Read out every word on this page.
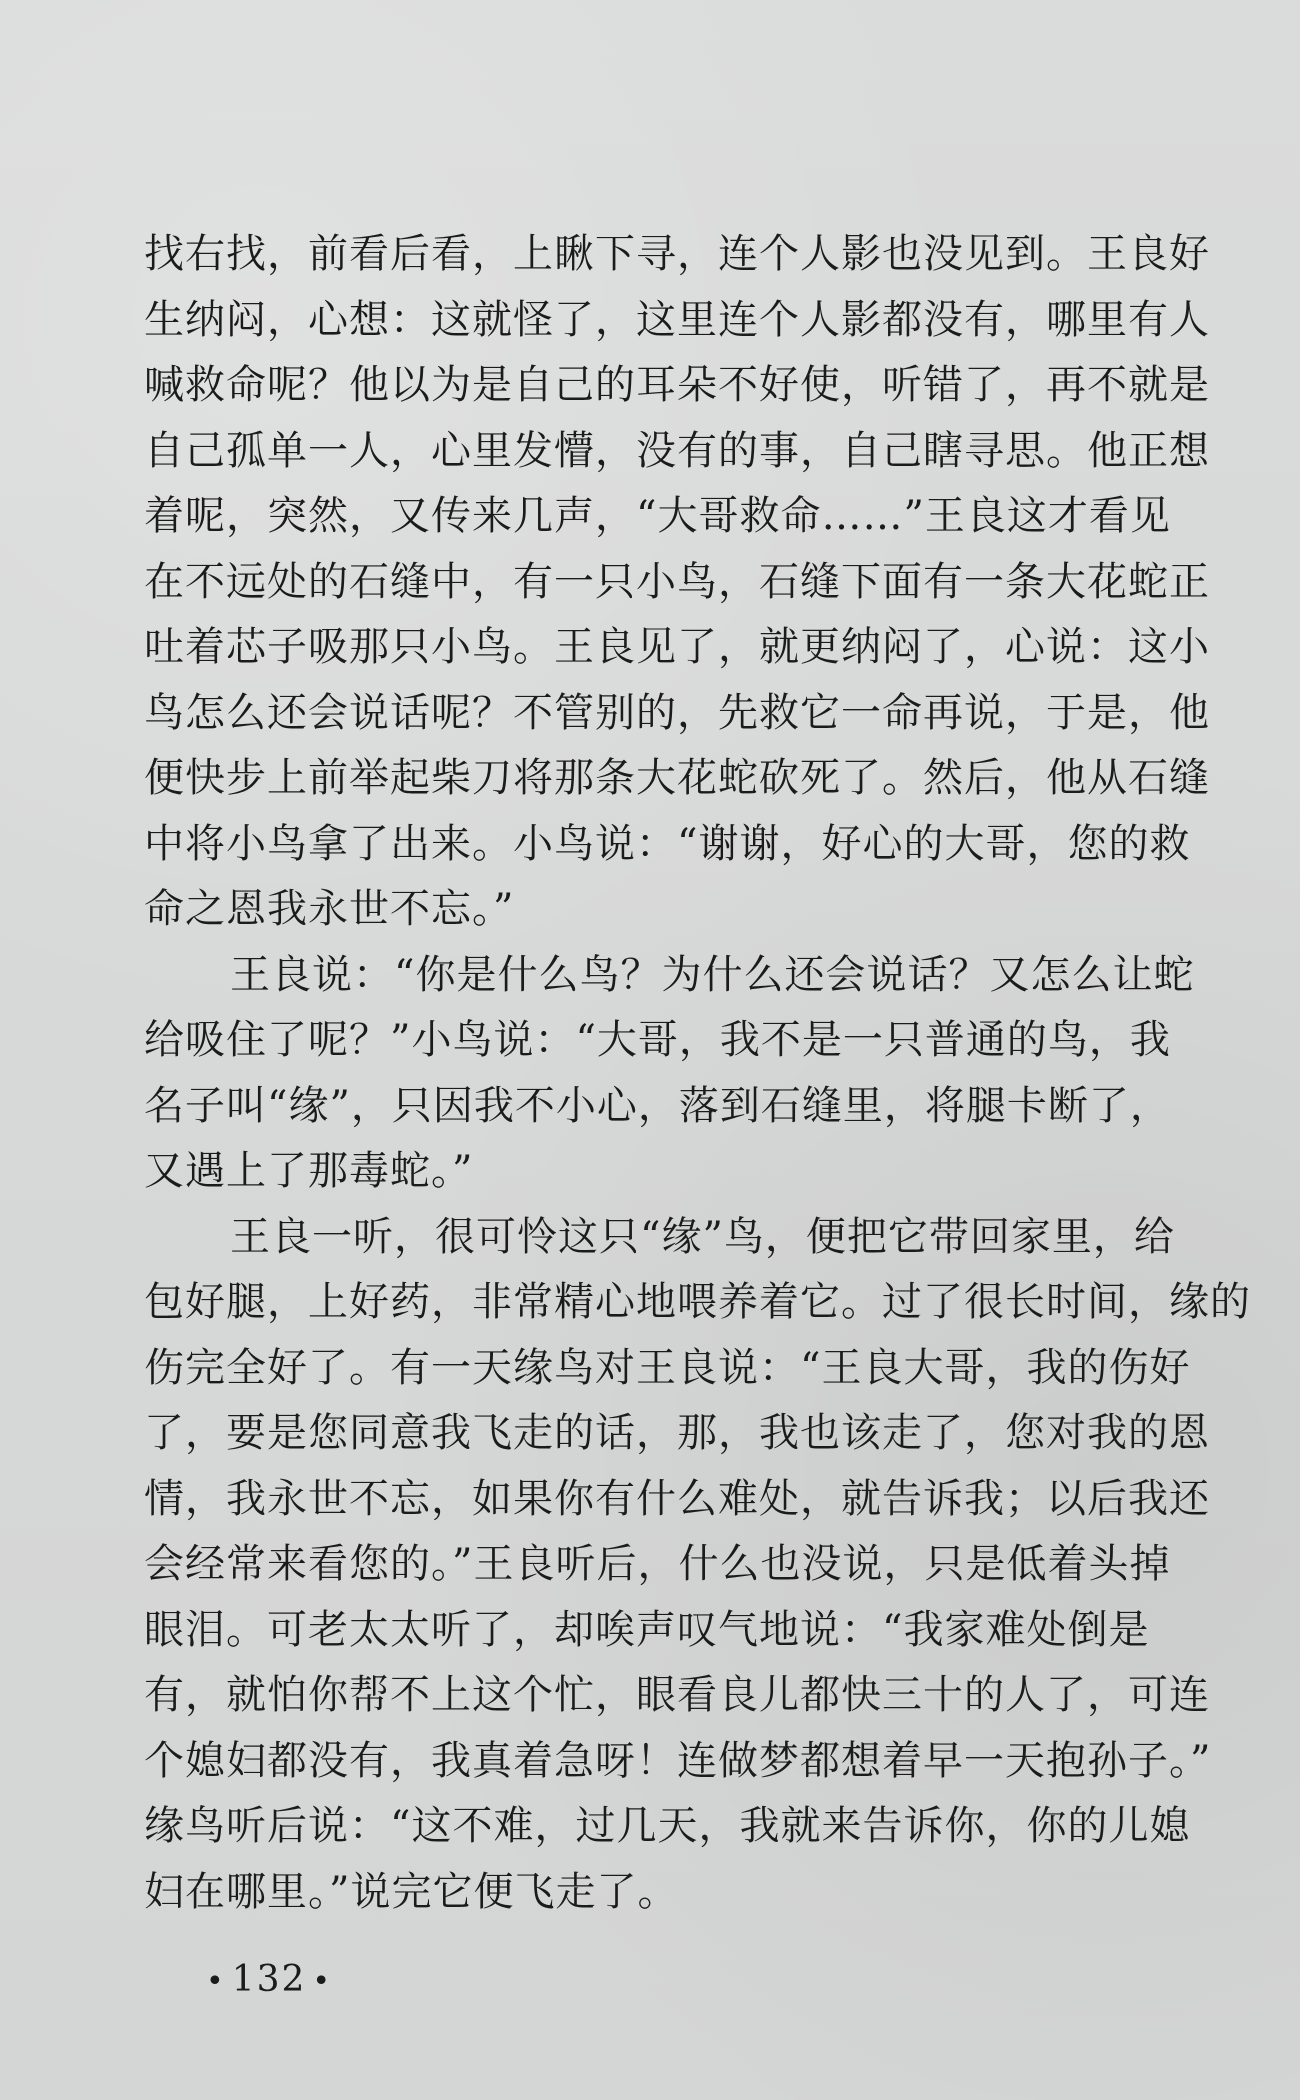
找右找，前看后看，上瞅下寻，连个人影也没见到。王良好
生纳闷，心想：这就怪了，这里连个人影都没有，哪里有人
喊救命呢？他以为是自己的耳朵不好使，听错了，再不就是
自己孤单一人，心里发懵，没有的事，自己瞎寻思。他正想
着呢，突然，又传来几声，“大哥救命……”王良这才看见
在不远处的石缝中，有一只小鸟，石缝下面有一条大花蛇正
吐着芯子吸那只小鸟。王良见了，就更纳闷了，心说：这小
鸟怎么还会说话呢？不管别的，先救它一命再说，于是，他
便快步上前举起柴刀将那条大花蛇砍死了。然后，他从石缝
中将小鸟拿了出来。小鸟说：“谢谢，好心的大哥，您的救
命之恩我永世不忘。”
王良说：“你是什么鸟？为什么还会说话？又怎么让蛇
给吸住了呢？”小鸟说：“大哥，我不是一只普通的鸟，我
名子叫“缘”，只因我不小心，落到石缝里，将腿卡断了，
又遇上了那毒蛇。”
王良一听，很可怜这只“缘”鸟，便把它带回家里，给
包好腿，上好药，非常精心地喂养着它。过了很长时间，缘的
伤完全好了。有一天缘鸟对王良说：“王良大哥，我的伤好
了，要是您同意我飞走的话，那，我也该走了，您对我的恩
情，我永世不忘，如果你有什么难处，就告诉我；以后我还
会经常来看您的。”王良听后，什么也没说，只是低着头掉
眼泪。可老太太听了，却唉声叹气地说：“我家难处倒是
有，就怕你帮不上这个忙，眼看良儿都快三十的人了，可连
个媳妇都没有，我真着急呀！连做梦都想着早一天抱孙子。”
缘鸟听后说：“这不难，过几天，我就来告诉你，你的儿媳
妇在哪里。”说完它便飞走了。
• 132 •
